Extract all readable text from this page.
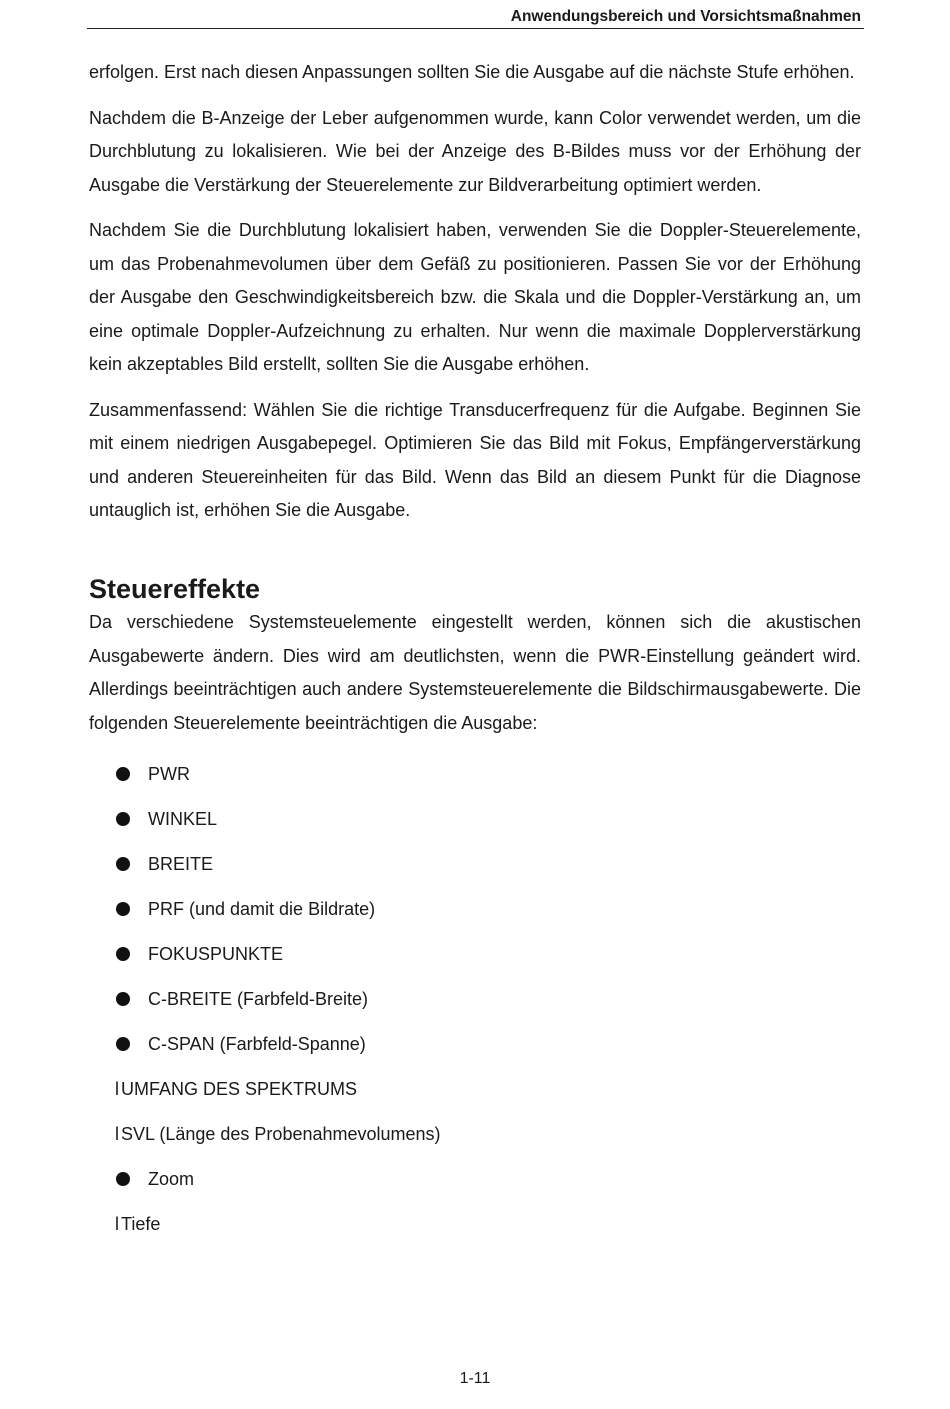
Anwendungsbereich und Vorsichtsmaßnahmen

erfolgen. Erst nach diesen Anpassungen sollten Sie die Ausgabe auf die nächste Stufe erhöhen.

Nachdem die B-Anzeige der Leber aufgenommen wurde, kann Color verwendet werden, um die Durchblutung zu lokalisieren. Wie bei der Anzeige des B-Bildes muss vor der Erhöhung der Ausgabe die Verstärkung der Steuerelemente zur Bildverarbeitung optimiert werden.

Nachdem Sie die Durchblutung lokalisiert haben, verwenden Sie die Doppler-Steuerelemente, um das Probenahmevolumen über dem Gefäß zu positionieren. Passen Sie vor der Erhöhung der Ausgabe den Geschwindigkeitsbereich bzw. die Skala und die Doppler-Verstärkung an, um eine optimale Doppler-Aufzeichnung zu erhalten. Nur wenn die maximale Dopplerverstärkung kein akzeptables Bild erstellt, sollten Sie die Ausgabe erhöhen.

Zusammenfassend: Wählen Sie die richtige Transducerfrequenz für die Aufgabe. Beginnen Sie mit einem niedrigen Ausgabepegel. Optimieren Sie das Bild mit Fokus, Empfängerverstärkung und anderen Steuereinheiten für das Bild. Wenn das Bild an diesem Punkt für die Diagnose untauglich ist, erhöhen Sie die Ausgabe.

Steuereffekte

Da verschiedene Systemsteuelemente eingestellt werden, können sich die akustischen Ausgabewerte ändern. Dies wird am deutlichsten, wenn die PWR-Einstellung geändert wird. Allerdings beeinträchtigen auch andere Systemsteuerelemente die Bildschirmausgabewerte. Die folgenden Steuerelemente beeinträchtigen die Ausgabe:

PWR
WINKEL
BREITE
PRF (und damit die Bildrate)
FOKUSPUNKTE
C-BREITE (Farbfeld-Breite)
C-SPAN (Farbfeld-Spanne)
l UMFANG DES SPEKTRUMS
l SVL (Länge des Probenahmevolumens)
Zoom
l Tiefe
1-11
